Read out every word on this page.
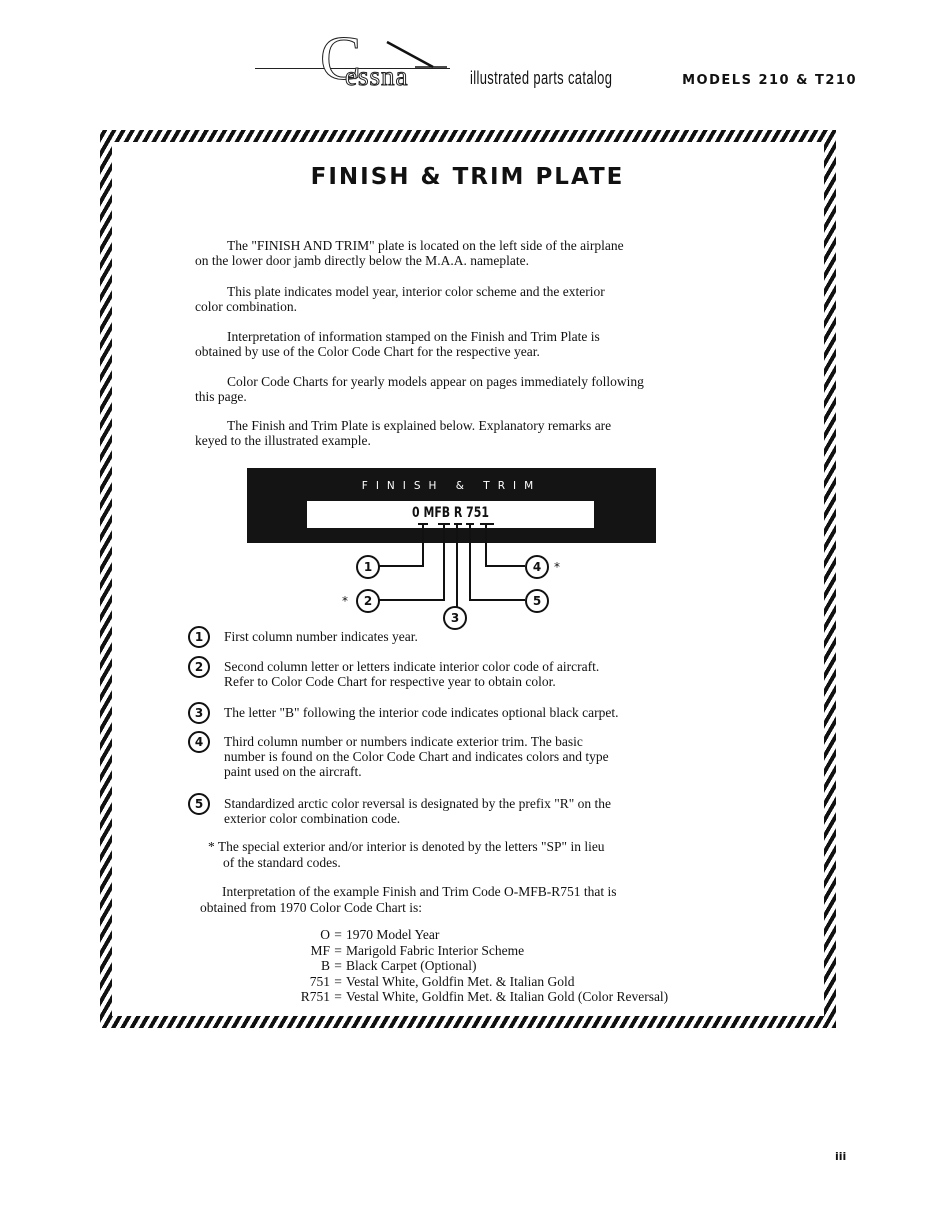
C
essna	illustrated parts catalog	MODELS 210 & T210
FINISH & TRIM PLATE
The "FINISH AND TRIM" plate is located on the left side of the airplane
on the lower door jamb directly below the M.A.A. nameplate.
This plate indicates model year, interior color scheme and the exterior
color combination.
Interpretation of information stamped on the Finish and Trim Plate is
obtained by use of the Color Code Chart for the respective year.
Color Code Charts for yearly models appear on pages immediately following
this page.
The Finish and Trim Plate is explained below. Explanatory remarks are
keyed to the illustrated example.
FINISH & TRIM
0 MFB R 751
1
2
3
4
5
*
*
1	First column number indicates year.
2	Second column letter or letters indicate interior color code of aircraft.
Refer to Color Code Chart for respective year to obtain color.
3	The letter "B" following the interior code indicates optional black carpet.
4	Third column number or numbers indicate exterior trim. The basic
number is found on the Color Code Chart and indicates colors and type
paint used on the aircraft.
5	Standardized arctic color reversal is designated by the prefix "R" on the
exterior color combination code.
* The special exterior and/or interior is denoted by the letters "SP" in lieu
of the standard codes.
Interpretation of the example Finish and Trim Code O-MFB-R751 that is
obtained from 1970 Color Code Chart is:
O = 1970 Model Year
MF = Marigold Fabric Interior Scheme
B = Black Carpet (Optional)
751 = Vestal White, Goldfin Met. & Italian Gold
R751 = Vestal White, Goldfin Met. & Italian Gold (Color Reversal)
iii
